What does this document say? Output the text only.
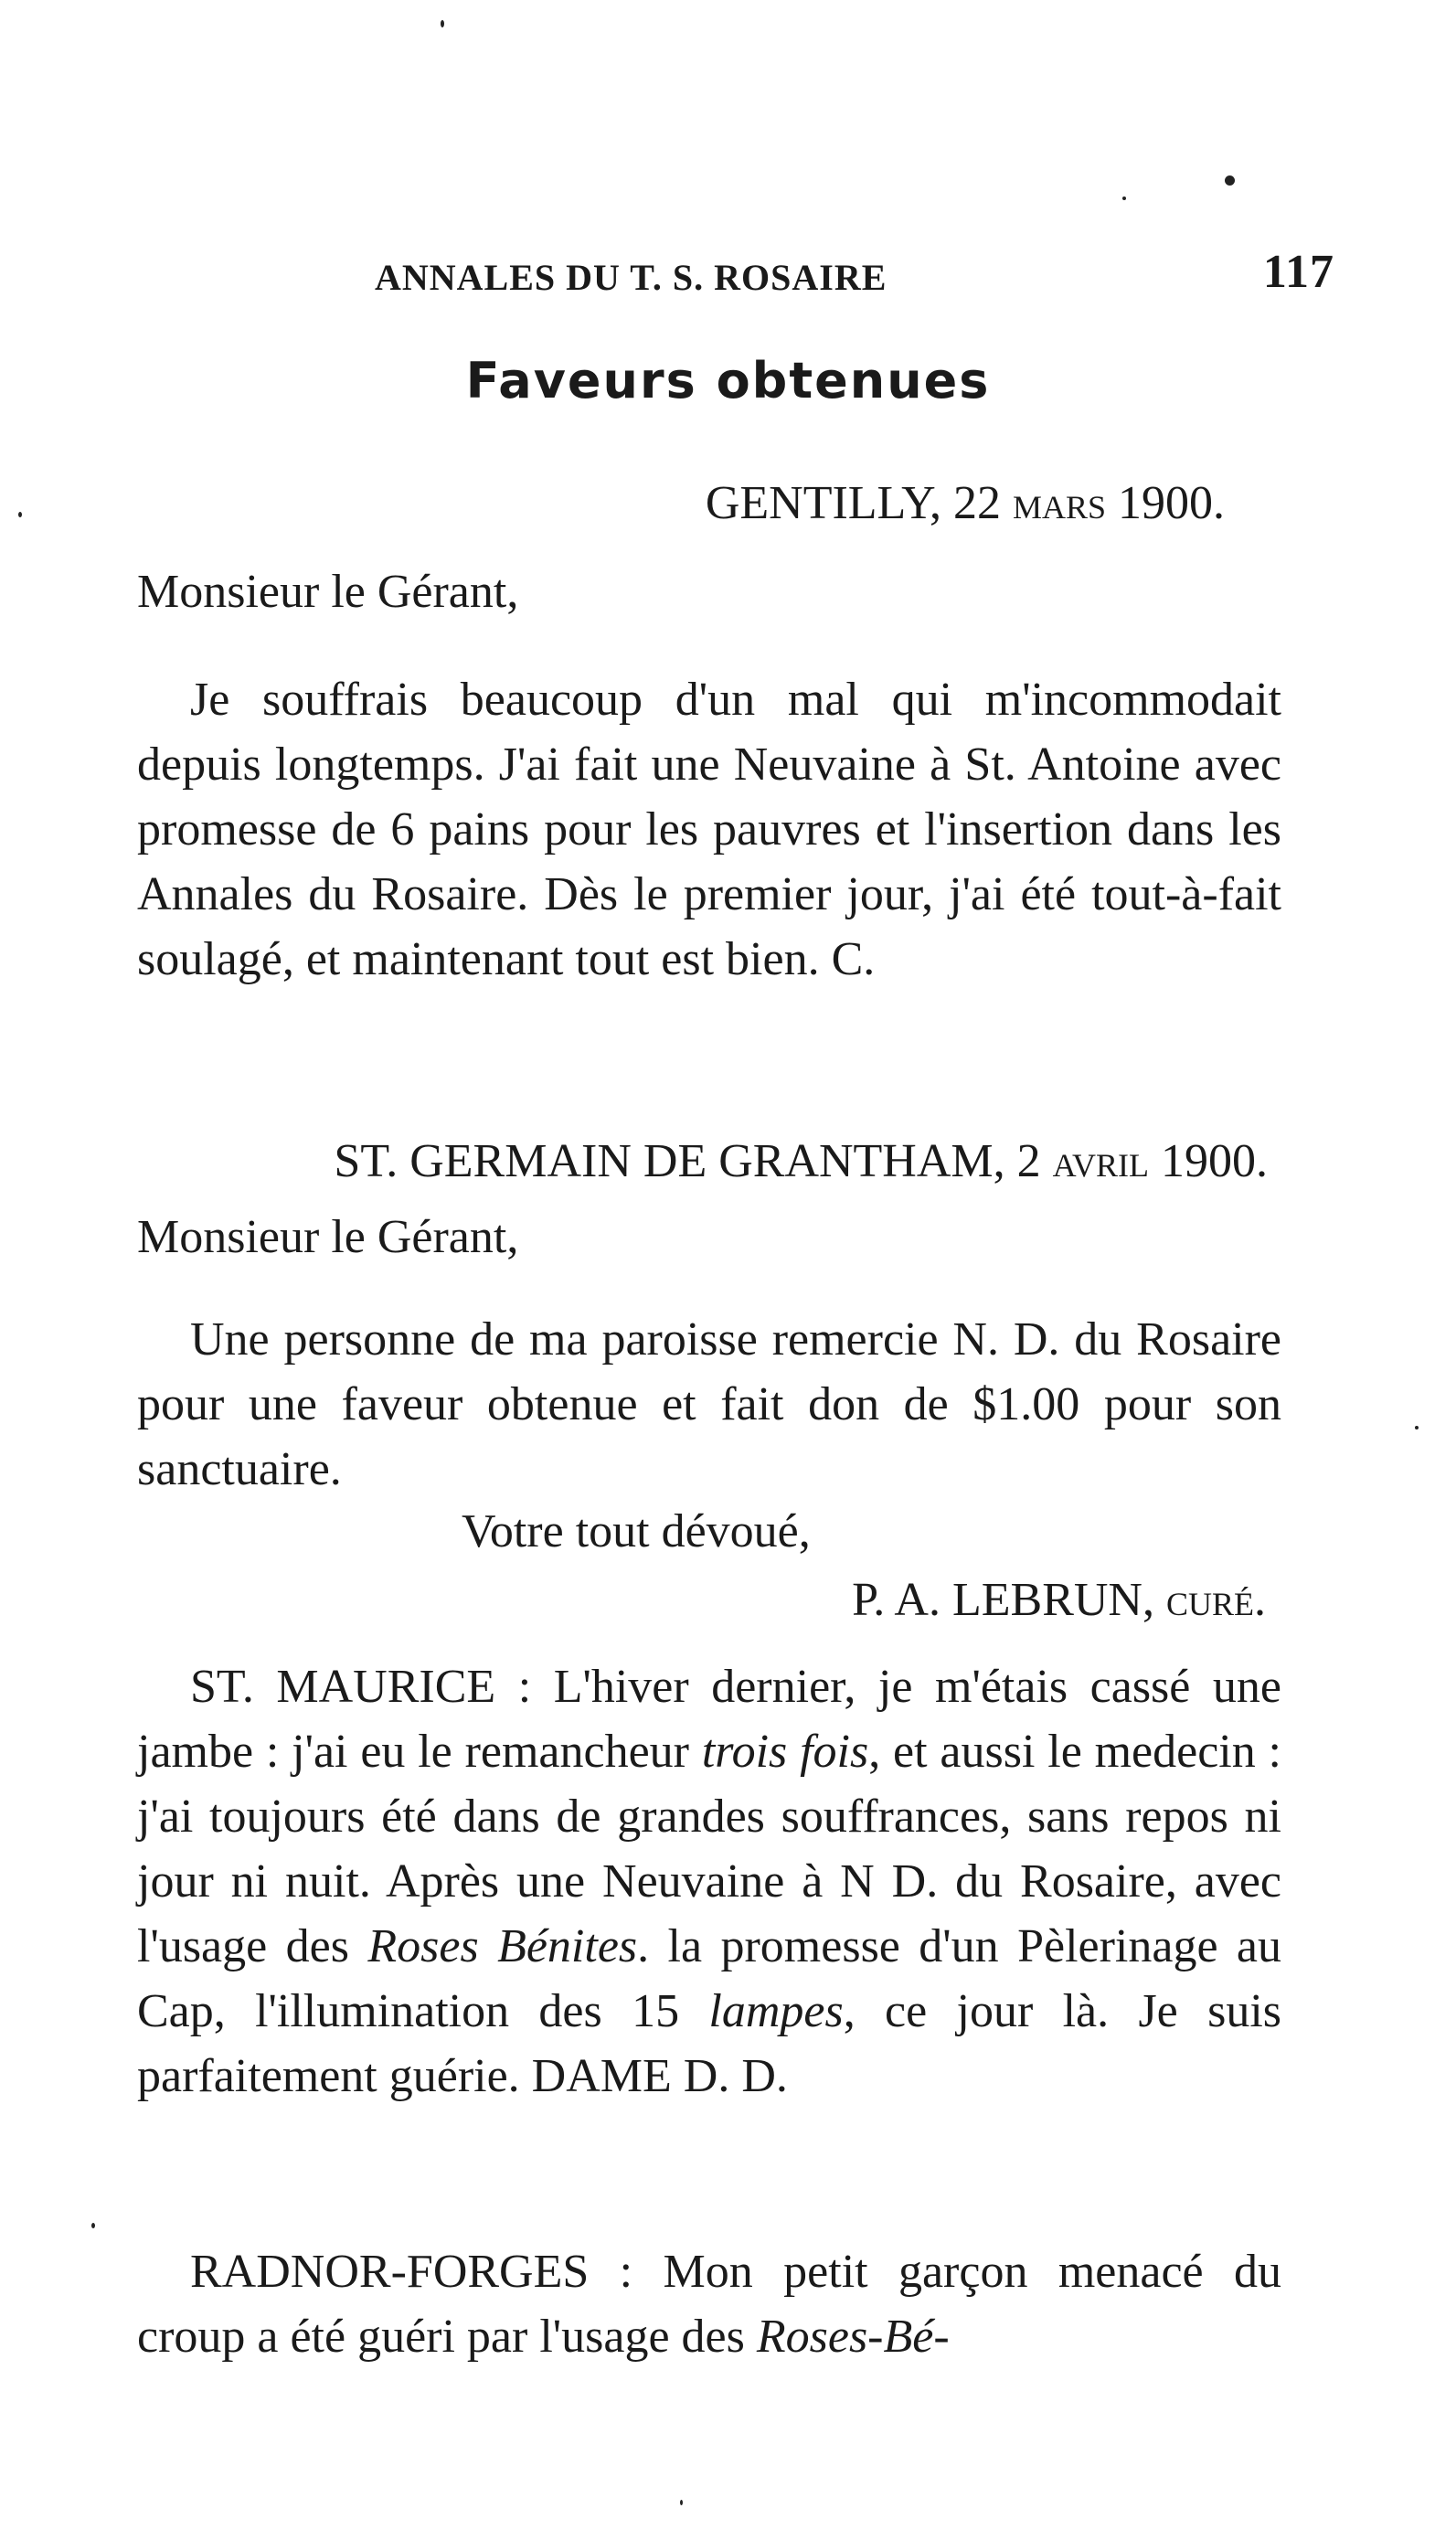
ANNALES DU T. S. ROSAIRE	117
Faveurs obtenues
GENTILLY, 22 mars 1900.
Monsieur le Gérant,
Je souffrais beaucoup d'un mal qui m'incommodait depuis longtemps. J'ai fait une Neuvaine à St. Antoine avec promesse de 6 pains pour les pauvres et l'insertion dans les Annales du Rosaire. Dès le premier jour, j'ai été tout-à-fait soulagé, et maintenant tout est bien. C.
ST. GERMAIN DE GRANTHAM, 2 avril 1900.
Monsieur le Gérant,
Une personne de ma paroisse remercie N. D. du Rosaire pour une faveur obtenue et fait don de $1.00 pour son sanctuaire.
Votre tout dévoué,
P. A. LEBRUN, curé.
ST. MAURICE : L'hiver dernier, je m'étais cassé une jambe : j'ai eu le remancheur trois fois, et aussi le medecin : j'ai toujours été dans de grandes souffrances, sans repos ni jour ni nuit. Après une Neuvaine à N D. du Rosaire, avec l'usage des Roses Bénites. la promesse d'un Pèlerinage au Cap, l'illumination des 15 lampes, ce jour là. Je suis parfaitement guérie. DAME D. D.
RADNOR-FORGES : Mon petit garçon menacé du croup a été guéri par l'usage des Roses-Bé-
